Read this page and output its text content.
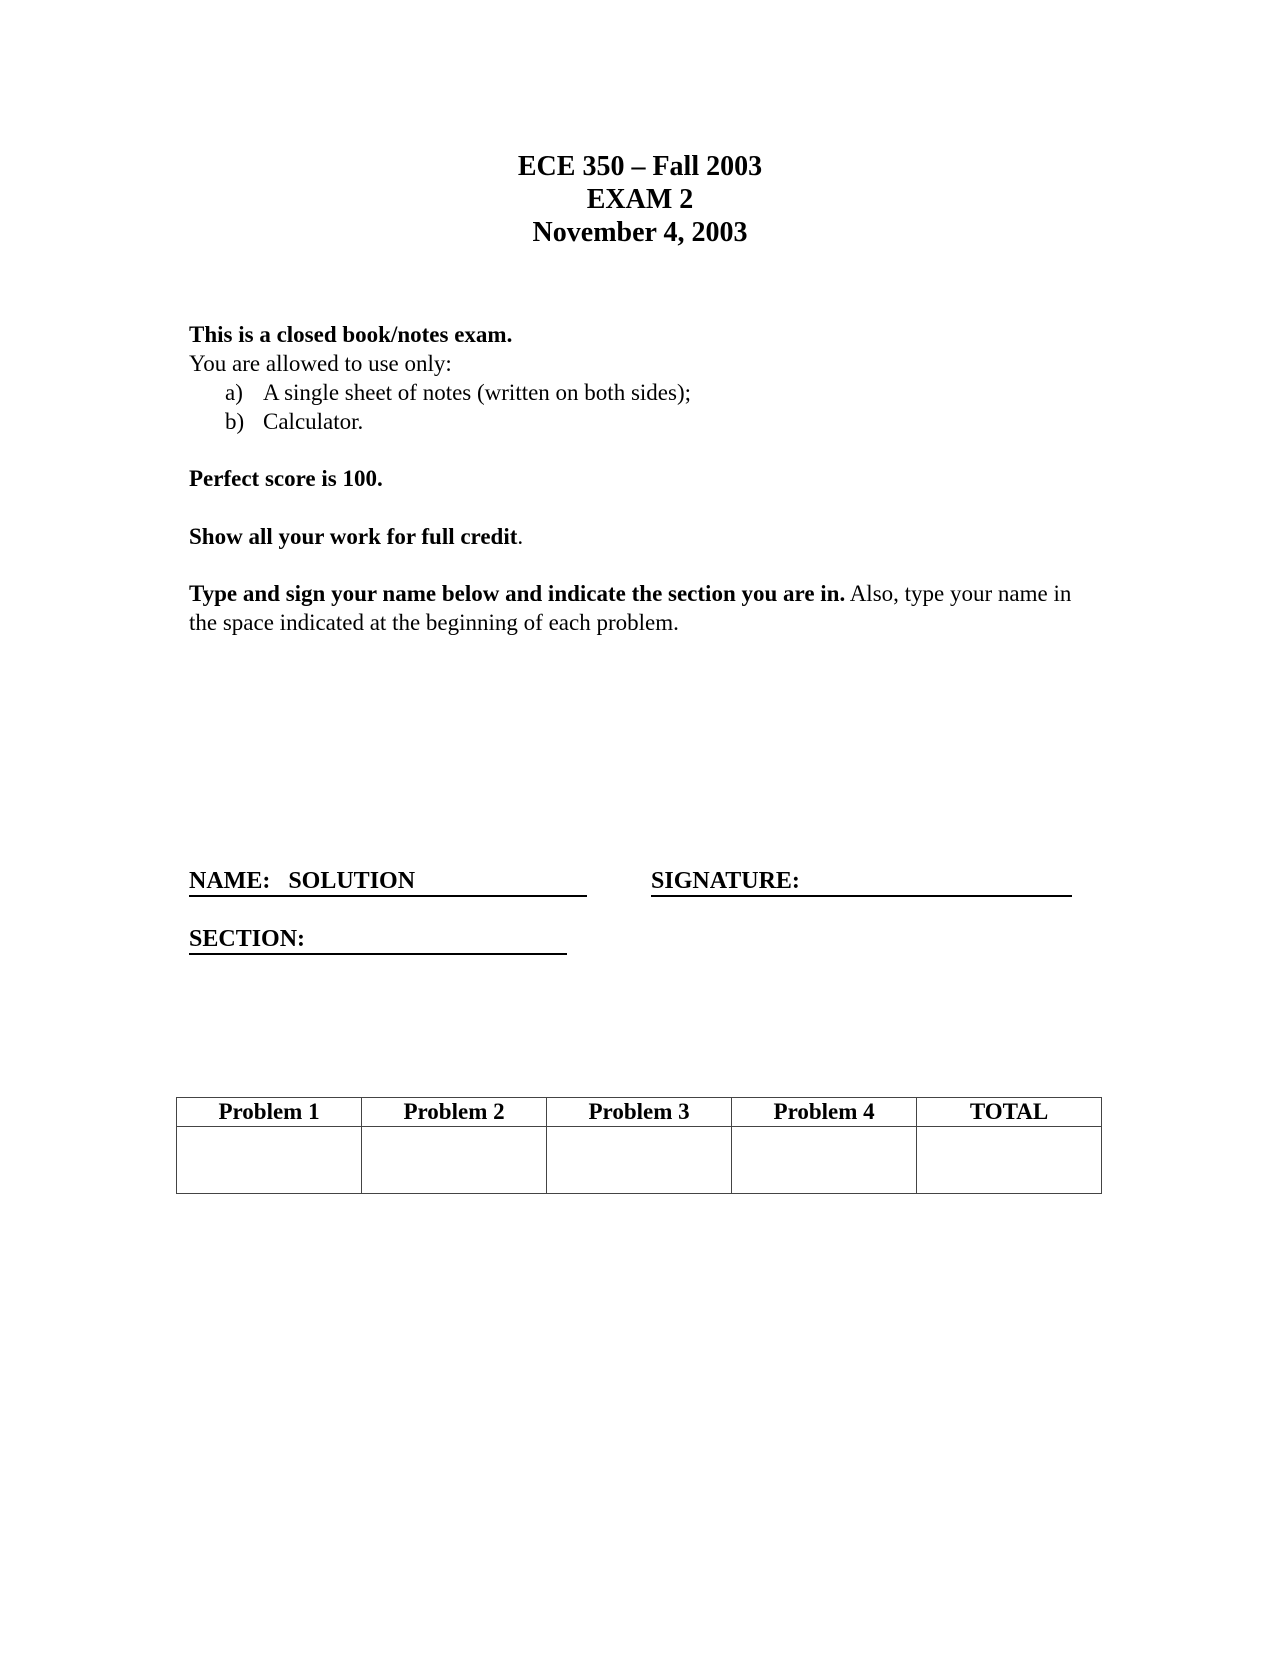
ECE 350 – Fall 2003
EXAM 2
November 4, 2003
This is a closed book/notes exam.
You are allowed to use only:
a) A single sheet of notes (written on both sides);
b) Calculator.
Perfect score is 100.
Show all your work for full credit.
Type and sign your name below and indicate the section you are in. Also, type your name in the space indicated at the beginning of each problem.
NAME: SOLUTION	SIGNATURE:
SECTION:
Problem 1	Problem 2	Problem 3	Problem 4	TOTAL
